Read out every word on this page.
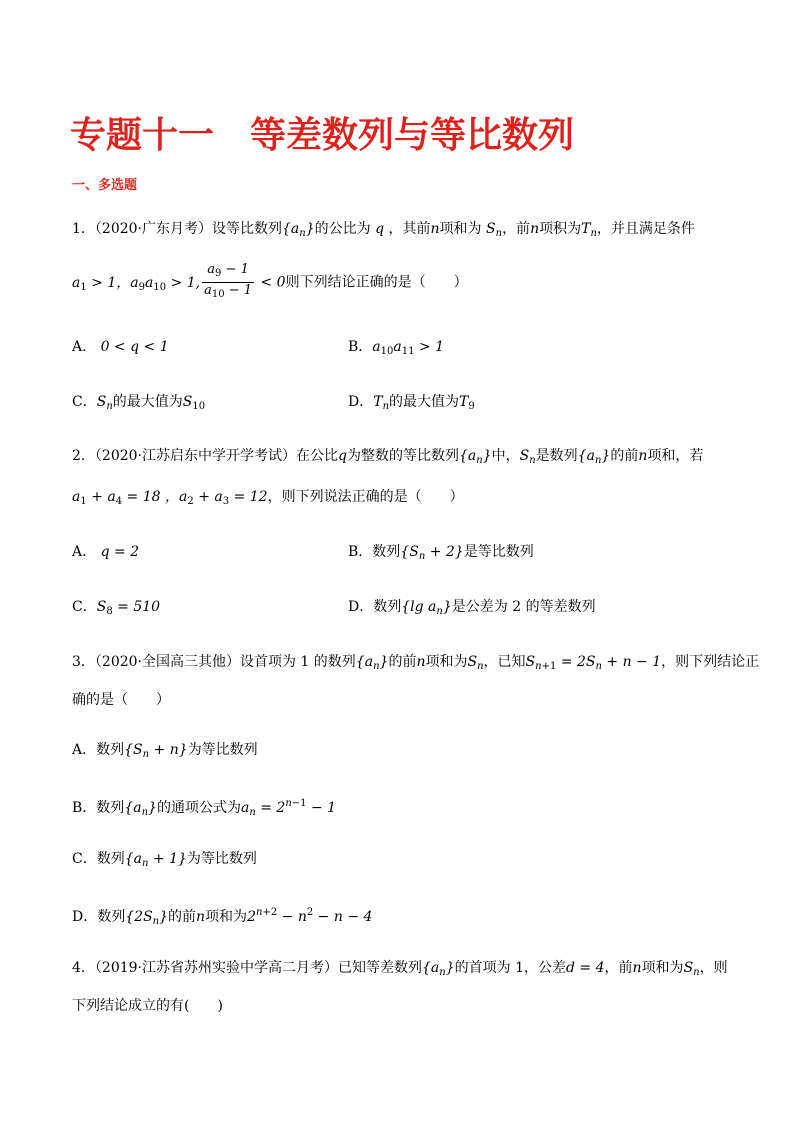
专题十一 等差数列与等比数列
一、多选题
1．（2020·广东月考）设等比数列$\{a_n\}$的公比为 q ，其前n项和为 $S_n$，前n项积为$T_n$，并且满足条件
$a_1 > 1$，$a_9a_{10} > 1$, $\frac{a_9 - 1}{a_{10} - 1} < 0$则下列结论正确的是（　　）
A． 0 < q < 1	B．$a_{10}a_{11} > 1$
C．$S_n$的最大值为$S_{10}$	D．$T_n$的最大值为$T_9$
2．（2020·江苏启东中学开学考试）在公比q为整数的等比数列$\{a_n\}$中，$S_n$是数列$\{a_n\}$的前n项和，若
$a_1 + a_4 = 18$ ，$a_2 + a_3 = 12$，则下列说法正确的是（　　）
A． q = 2	B．数列$\{S_n + 2\}$是等比数列
C．$S_8 = 510$	D．数列{lg $a_n$}是公差为 2 的等差数列
3．（2020·全国高三其他）设首项为 1 的数列$\{a_n\}$的前n项和为$S_n$，已知$S_{n+1} = 2S_n + n - 1$，则下列结论正
确的是（　　）
A．数列$\{S_n + n\}$为等比数列
B．数列$\{a_n\}$的通项公式为$a_n = 2^{n-1} - 1$
C．数列$\{a_n + 1\}$为等比数列
D．数列$\{2S_n\}$的前n项和为$2^{n+2} - n^2 - n - 4$
4．（2019·江苏省苏州实验中学高二月考）已知等差数列$\{a_n\}$的首项为 1，公差d = 4，前n项和为$S_n$，则
下列结论成立的有(　　)
